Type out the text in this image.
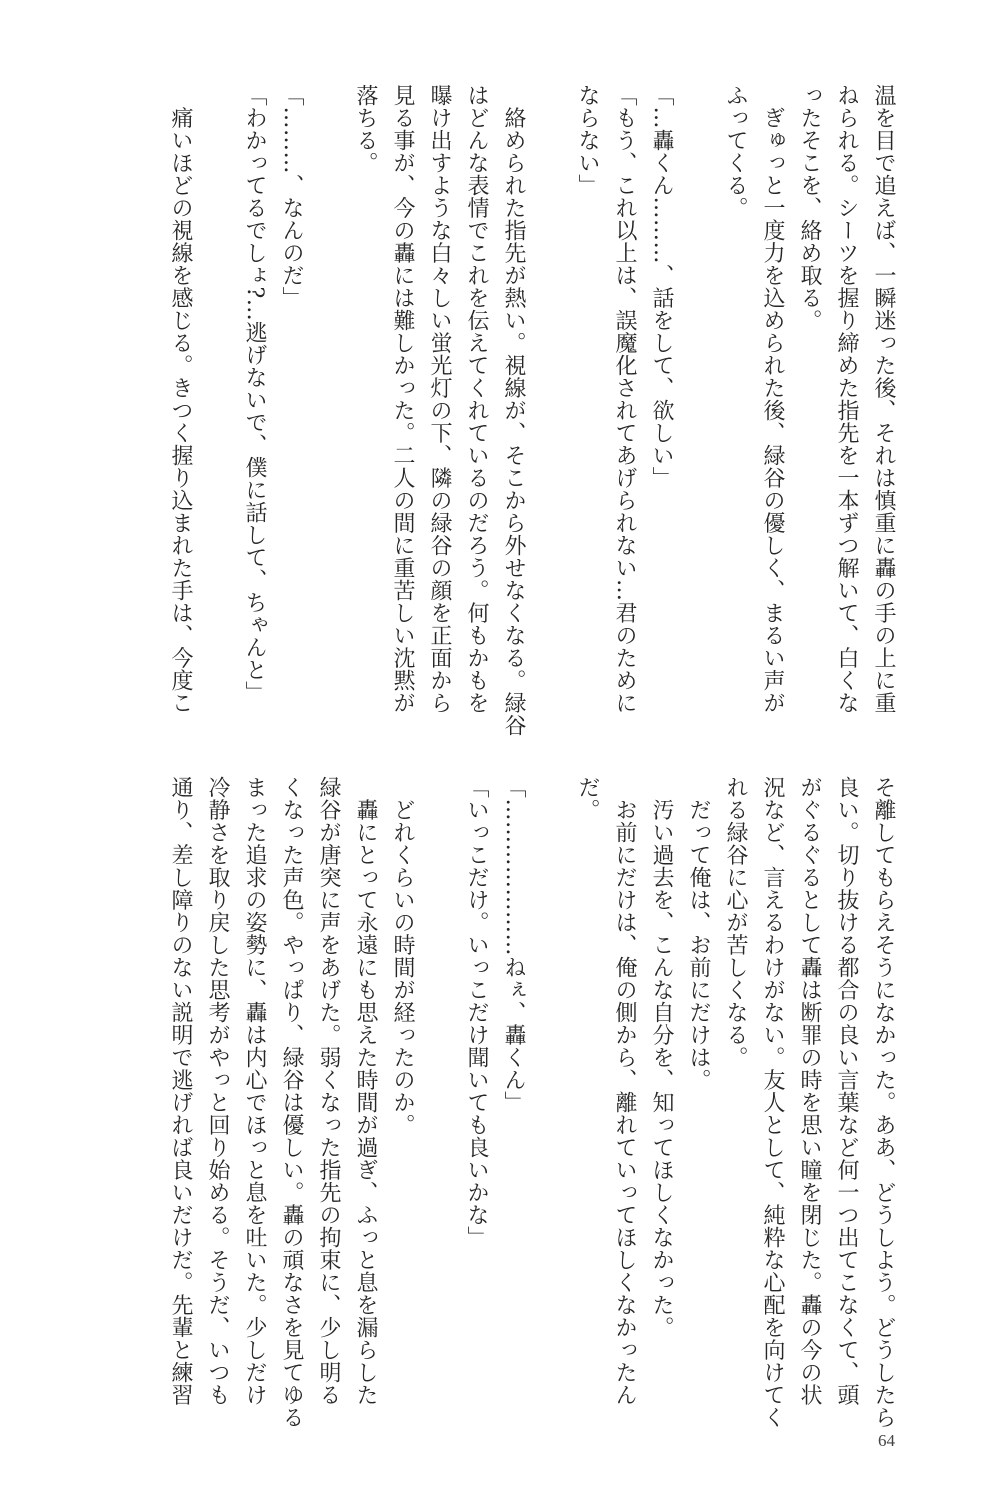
温を目で追えば、一瞬迷った後、それは慎重に轟の手の上に重
ねられる。シーツを握り締めた指先を一本ずつ解いて、白くな
ったそこを、絡め取る。
　ぎゅっと一度力を込められた後、緑谷の優しく、まるい声が
ふってくる。
「…轟くん………、話をして、欲しい」
「もう、これ以上は、誤魔化されてあげられない…君のために
ならない」
　絡められた指先が熱い。視線が、そこから外せなくなる。緑谷
はどんな表情でこれを伝えてくれているのだろう。何もかもを
曝け出すような白々しい蛍光灯の下、隣の緑谷の顔を正面から
見る事が、今の轟には難しかった。二人の間に重苦しい沈黙が
落ちる。
「………、なんのだ」
「わかってるでしょ?…逃げないで、僕に話して、ちゃんと」
　痛いほどの視線を感じる。きつく握り込まれた手は、今度こ
そ離してもらえそうになかった。ああ、どうしよう。どうしたら
良い。切り抜ける都合の良い言葉など何一つ出てこなくて、頭
がぐるぐるとして轟は断罪の時を思い瞳を閉じた。轟の今の状
況など、言えるわけがない。友人として、純粋な心配を向けてく
れる緑谷に心が苦しくなる。
　だって俺は、お前にだけは。
　汚い過去を、こんな自分を、知ってほしくなかった。
　お前にだけは、俺の側から、離れていってほしくなかったん
だ。
「…………………ねぇ、轟くん」
「いっこだけ。いっこだけ聞いても良いかな」
　どれくらいの時間が経ったのか。
　轟にとって永遠にも思えた時間が過ぎ、ふっと息を漏らした
緑谷が唐突に声をあげた。弱くなった指先の拘束に、少し明る
くなった声色。やっぱり、緑谷は優しい。轟の頑なさを見てゆる
まった追求の姿勢に、轟は内心でほっと息を吐いた。少しだけ
冷静さを取り戻した思考がやっと回り始める。そうだ、いつも
通り、差し障りのない説明で逃げれば良いだけだ。先輩と練習
64
